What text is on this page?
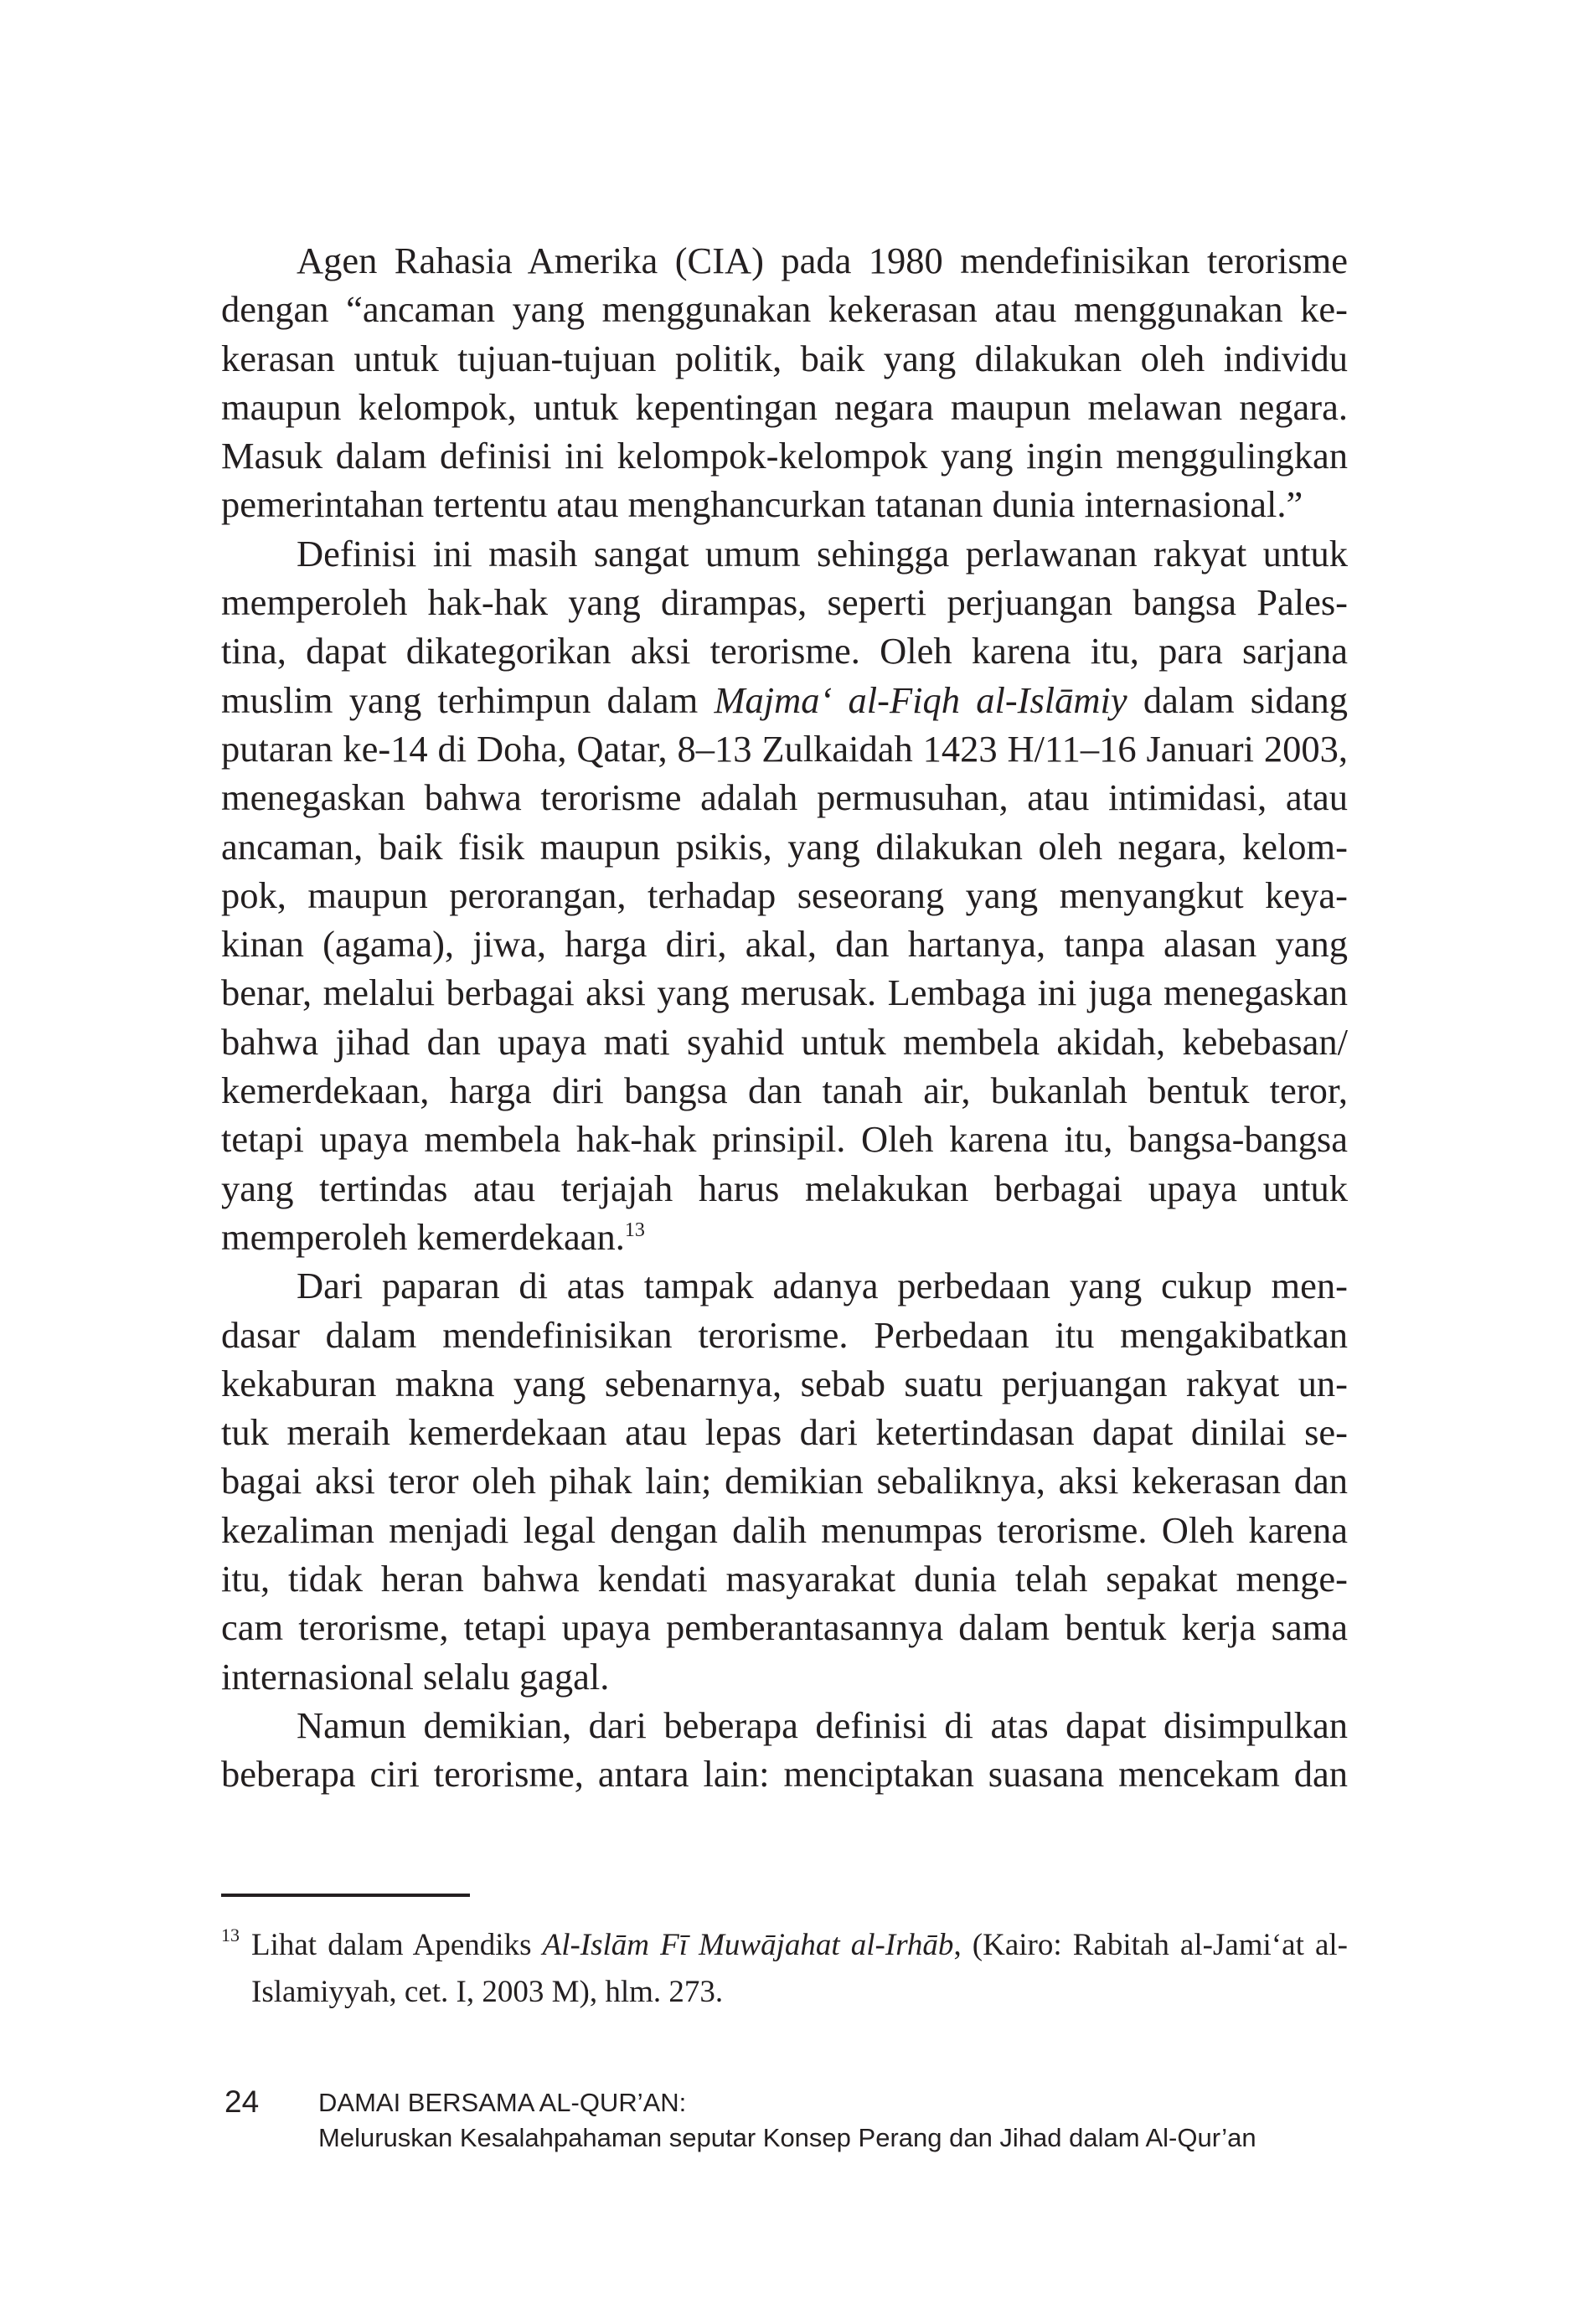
Agen Rahasia Amerika (CIA) pada 1980 mendefinisikan terorisme
dengan “ancaman yang menggunakan kekerasan atau menggunakan ke-
kerasan untuk tujuan-tujuan politik, baik yang dilakukan oleh individu
maupun kelompok, untuk kepentingan negara maupun melawan negara.
Masuk dalam definisi ini kelompok-kelompok yang ingin menggulingkan
pemerintahan tertentu atau menghancurkan tatanan dunia internasional.”
Definisi ini masih sangat umum sehingga perlawanan rakyat untuk
memperoleh hak-hak yang dirampas, seperti perjuangan bangsa Pales-
tina, dapat dikategorikan aksi terorisme. Oleh karena itu, para sarjana
muslim yang terhimpun dalam Majma‘ al-Fiqh al-Islāmiy dalam sidang
putaran ke-14 di Doha, Qatar, 8–13 Zulkaidah 1423 H/11–16 Januari 2003,
menegaskan bahwa terorisme adalah permusuhan, atau intimidasi, atau
ancaman, baik fisik maupun psikis, yang dilakukan oleh negara, kelom-
pok, maupun perorangan, terhadap seseorang yang menyangkut keya-
kinan (agama), jiwa, harga diri, akal, dan hartanya, tanpa alasan yang
benar, melalui berbagai aksi yang merusak. Lembaga ini juga menegaskan
bahwa jihad dan upaya mati syahid untuk membela akidah, kebebasan/
kemerdekaan, harga diri bangsa dan tanah air, bukanlah bentuk teror,
tetapi upaya membela hak-hak prinsipil. Oleh karena itu, bangsa-bangsa
yang tertindas atau terjajah harus melakukan berbagai upaya untuk
memperoleh kemerdekaan.$^{13}$
Dari paparan di atas tampak adanya perbedaan yang cukup men-
dasar dalam mendefinisikan terorisme. Perbedaan itu mengakibatkan
kekaburan makna yang sebenarnya, sebab suatu perjuangan rakyat un-
tuk meraih kemerdekaan atau lepas dari ketertindasan dapat dinilai se-
bagai aksi teror oleh pihak lain; demikian sebaliknya, aksi kekerasan dan
kezaliman menjadi legal dengan dalih menumpas terorisme. Oleh karena
itu, tidak heran bahwa kendati masyarakat dunia telah sepakat menge-
cam terorisme, tetapi upaya pemberantasannya dalam bentuk kerja sama
internasional selalu gagal.
Namun demikian, dari beberapa definisi di atas dapat disimpulkan
beberapa ciri terorisme, antara lain: menciptakan suasana mencekam dan
13 Lihat dalam Apendiks Al-Islām Fī Muwājahat al-Irhāb, (Kairo: Rabitah al-Jami‘at al-
Islamiyyah, cet. I, 2003 M), hlm. 273.
24 DAMAI BERSAMA AL-QUR’AN:
Meluruskan Kesalahpahaman seputar Konsep Perang dan Jihad dalam Al-Qur’an
